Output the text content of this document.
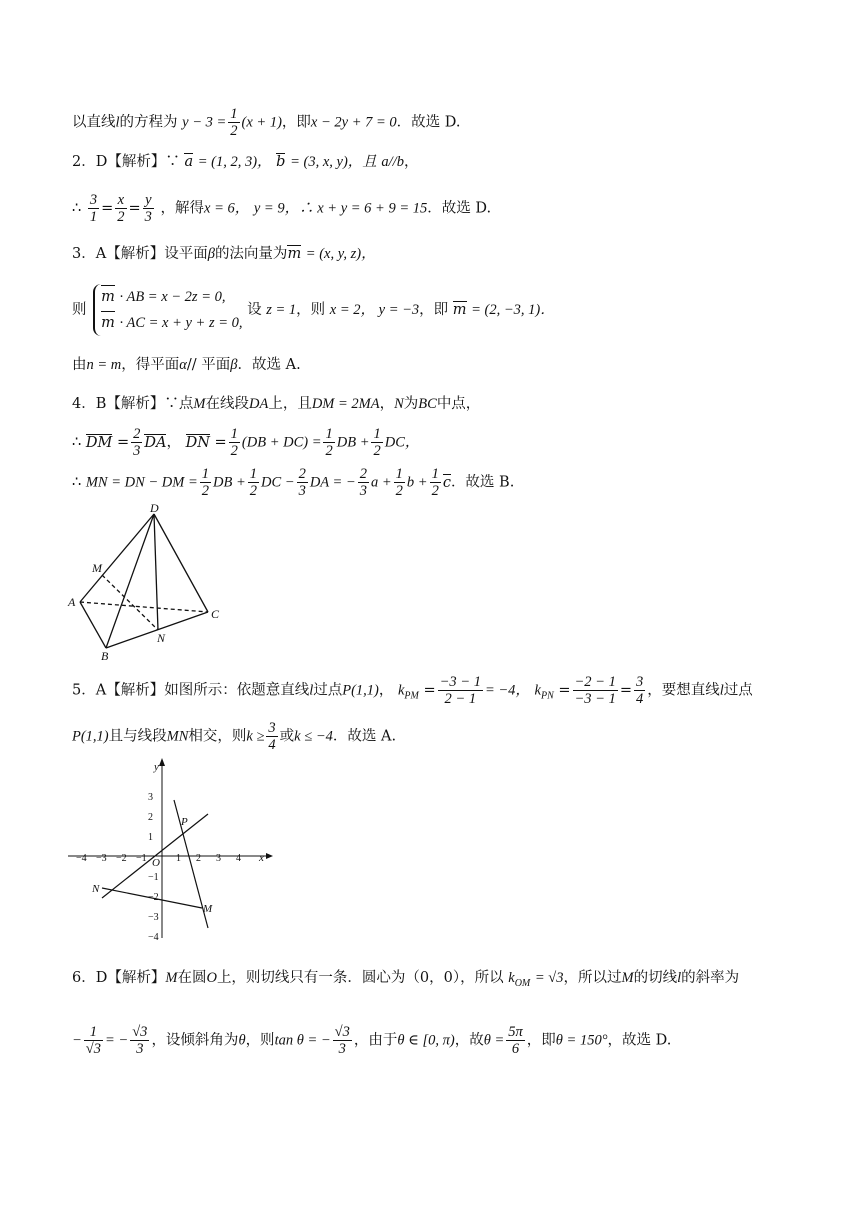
以直线l的方程为 $y - 3 = \frac{1}{2} (x + 1)$，即x − 2y + 7 = 0．故选 D.
2．D【解析】∵ a = (1, 2, 3)， b = (3, x, y)，且 a//b，
∴ $\frac{3}{1} = \frac{x}{2} = \frac{y}{3}$ ，解得x = 6， y = 9，∴ x + y = 6 + 9 = 15．故选 D.
3．A【解析】设平面β的法向量为m = (x, y, z)，
则
m · AB = x − 2z = 0,
m · AC = x + y + z = 0,
设 z = 1，则 x = 2， y = −3，即 m = (2, −3, 1)．
由n = m，得平面α// 平面β．故选 A.
4．B【解析】∵点M在线段DA上，且DM = 2MA，N为BC中点，
∴ DM = $\frac{2}{3}$ DA， DN = $\frac{1}{2} (DB + DC) = \frac{1}{2}$ DB + $\frac{1}{2}$ DC，
∴ MN = DN − DM = $\frac{1}{2}$ DB + $\frac{1}{2}$ DC − $\frac{2}{3}$ DA = − $\frac{2}{3}$ $a + \frac{1}{2}$ $b + \frac{1}{2}$ c．故选 B.
D
M
A
C
N
B
5．A【解析】如图所示：依题意直线l过点P(1,1)， $k_{PM} = \frac{-3 - 1}{2 - 1} = -4$， $k_{PN} = \frac{-2 - 1}{-3 - 1} = \frac{3}{4}$ ，要想直线l过点
P(1,1)且与线段MN相交，则$k \ge \frac{3}{4}$ 或k ≤ −4．故选 A.
−4 −3 −2 −1	1 2 3 4
3
2
1
−1
−2
−3
−4
y
x
P
N
M
O
6．D【解析】M在圆O上，则切线只有一条．圆心为（0，0），所以 $k_{OM} = √3$，所以过M的切线l的斜率为
− $\frac{1}{√3}$ = − $\frac{√3}{3}$ ，设倾斜角为θ，则tan θ = − $\frac{√3}{3}$ ，由于θ ∈ [0, π)，故$\theta = \frac{5\pi}{6}$ ，即θ = 150°，故选 D.
